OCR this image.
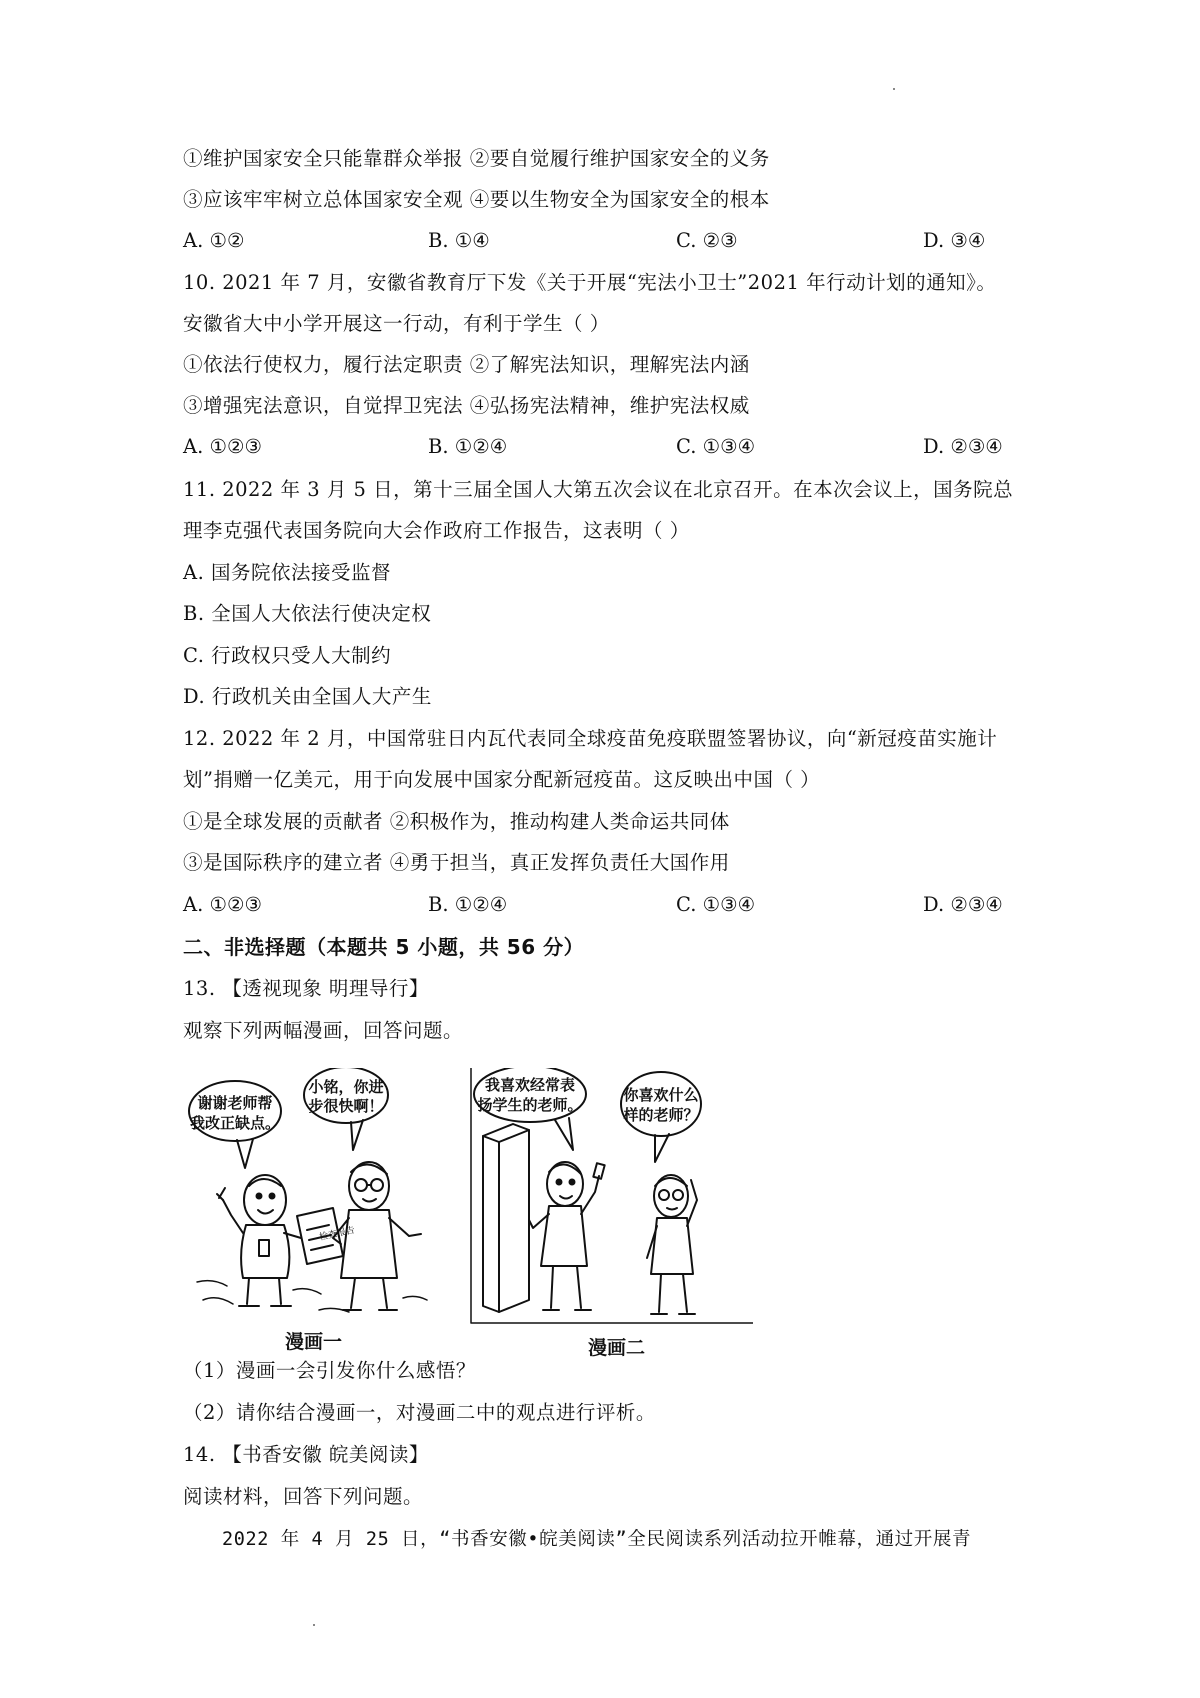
①维护国家安全只能靠群众举报 ②要自觉履行维护国家安全的义务
③应该牢牢树立总体国家安全观 ④要以生物安全为国家安全的根本
A. ①②	B. ①④	C. ②③	D. ③④
10. 2021 年 7 月，安徽省教育厅下发《关于开展“宪法小卫士”2021 年行动计划的通知》。
安徽省大中小学开展这一行动，有利于学生（ ）
①依法行使权力，履行法定职责 ②了解宪法知识，理解宪法内涵
③增强宪法意识，自觉捍卫宪法 ④弘扬宪法精神，维护宪法权威
A. ①②③	B. ①②④	C. ①③④	D. ②③④
11. 2022 年 3 月 5 日，第十三届全国人大第五次会议在北京召开。在本次会议上，国务院总
理李克强代表国务院向大会作政府工作报告，这表明（ ）
A. 国务院依法接受监督
B. 全国人大依法行使决定权
C. 行政权只受人大制约
D. 行政机关由全国人大产生
12. 2022 年 2 月，中国常驻日内瓦代表同全球疫苗免疫联盟签署协议，向“新冠疫苗实施计
划”捐赠一亿美元，用于向发展中国家分配新冠疫苗。这反映出中国（ ）
①是全球发展的贡献者 ②积极作为，推动构建人类命运共同体
③是国际秩序的建立者 ④勇于担当，真正发挥负责任大国作用
A. ①②③	B. ①②④	C. ①③④	D. ②③④
二、非选择题（本题共 5 小题，共 56 分）
13. 【透视现象 明理导行】
观察下列两幅漫画，回答问题。
谢谢老师帮
我改正缺点。
小铭，你进
步很快啊！
我喜欢经常表
扬学生的老师。
你喜欢什么
样的老师？
检查报告
漫画一	漫画二
（1）漫画一会引发你什么感悟？
（2）请你结合漫画一，对漫画二中的观点进行评析。
14. 【书香安徽 皖美阅读】
阅读材料，回答下列问题。
2022 年 4 月 25 日，“书香安徽•皖美阅读”全民阅读系列活动拉开帷幕，通过开展青
